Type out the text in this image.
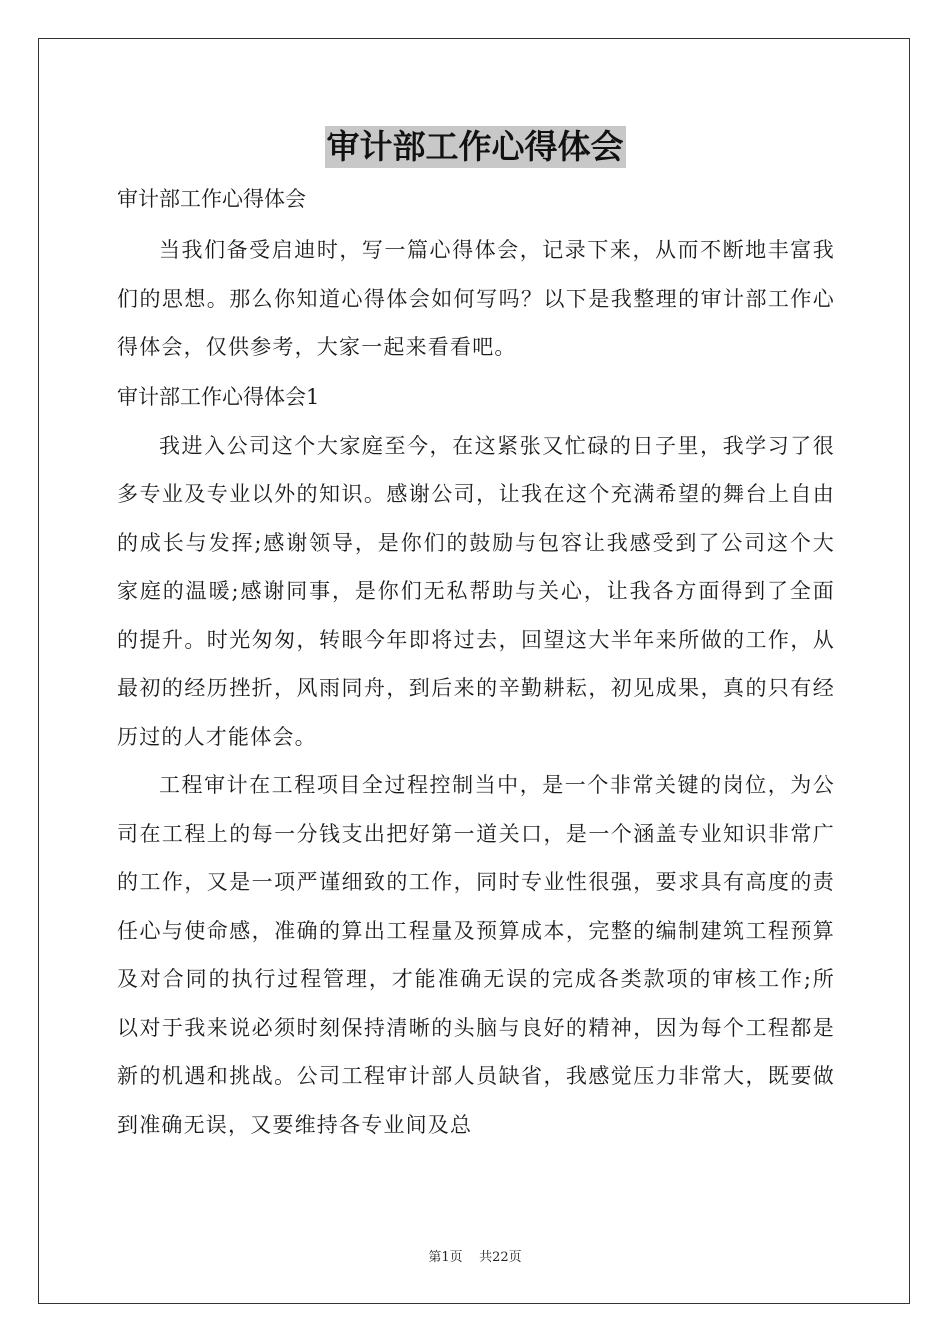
审计部工作心得体会

审计部工作心得体会

当我们备受启迪时，写一篇心得体会，记录下来，从而不断地丰富我们的思想。那么你知道心得体会如何写吗？以下是我整理的审计部工作心得体会，仅供参考，大家一起来看看吧。

审计部工作心得体会1

我进入公司这个大家庭至今，在这紧张又忙碌的日子里，我学习了很多专业及专业以外的知识。感谢公司，让我在这个充满希望的舞台上自由的成长与发挥;感谢领导，是你们的鼓励与包容让我感受到了公司这个大家庭的温暖;感谢同事，是你们无私帮助与关心，让我各方面得到了全面的提升。时光匆匆，转眼今年即将过去，回望这大半年来所做的工作，从最初的经历挫折，风雨同舟，到后来的辛勤耕耘，初见成果，真的只有经历过的人才能体会。

工程审计在工程项目全过程控制当中，是一个非常关键的岗位，为公司在工程上的每一分钱支出把好第一道关口，是一个涵盖专业知识非常广的工作，又是一项严谨细致的工作，同时专业性很强，要求具有高度的责任心与使命感，准确的算出工程量及预算成本，完整的编制建筑工程预算及对合同的执行过程管理，才能准确无误的完成各类款项的审核工作;所以对于我来说必须时刻保持清晰的头脑与良好的精神，因为每个工程都是新的机遇和挑战。公司工程审计部人员缺省，我感觉压力非常大，既要做到准确无误，又要维持各专业间及总

第1页 共22页
